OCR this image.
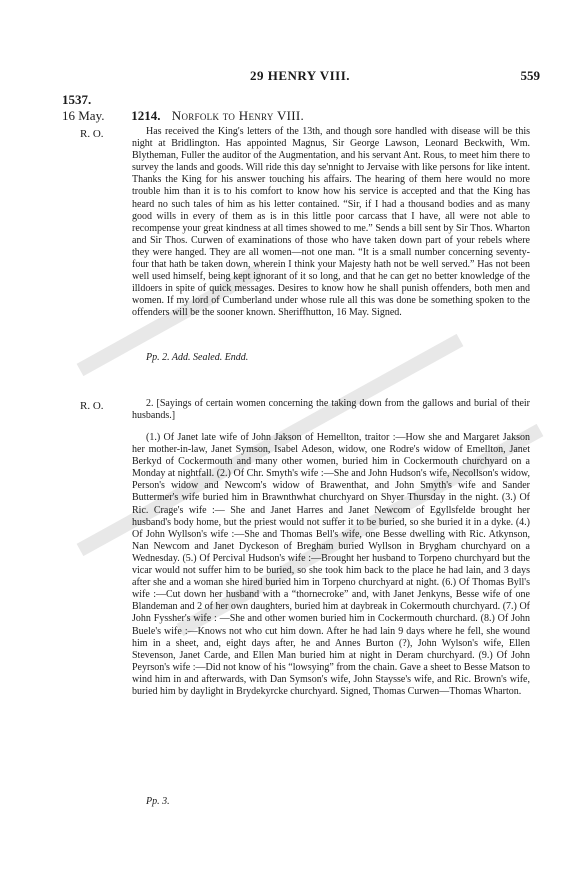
29 HENRY VIII.	559
1537.
16 May. 1214. Norfolk to Henry VIII.
R. O.	Has received the King's letters of the 13th, and though sore handled with disease will be this night at Bridlington. Has appointed Magnus, Sir George Lawson, Leonard Beckwith, Wm. Blytheman, Fuller the auditor of the Augmentation, and his servant Ant. Rous, to meet him there to survey the lands and goods. Will ride this day se'nnight to Jervaise with like persons for like intent. Thanks the King for his answer touching his affairs. The hearing of them here would no more trouble him than it is to his comfort to know how his service is accepted and that the King has heard no such tales of him as his letter contained. “Sir, if I had a thousand bodies and as many good wills in every of them as is in this little poor carcass that I have, all were not able to recompense your great kindness at all times showed to me.” Sends a bill sent by Sir Thos. Wharton and Sir Thos. Curwen of examinations of those who have taken down part of your rebels where they were hanged. They are all women—not one man. “It is a small number concerning seventy-four that hath be taken down, wherein I think your Majesty hath not be well served.” Has not been well used himself, being kept ignorant of it so long, and that he can get no better knowledge of the illdoers in spite of quick messages. Desires to know how he shall punish offenders, both men and women. If my lord of Cumberland under whose rule all this was done be something spoken to the offenders will be the sooner known. Sheriffhutton, 16 May. Signed.

Pp. 2. Add. Sealed. Endd.
R. O.	2. [Sayings of certain women concerning the taking down from the gallows and burial of their husbands.]

(1.) Of Janet late wife of John Jakson of Hemellton, traitor :—How she and Margaret Jakson her mother-in-law, Janet Symson, Isabel Adeson, widow, one Rodre's widow of Emellton, Janet Berkyd of Cockermouth and many other women, buried him in Cockermouth churchyard on a Monday at nightfall. (2.) Of Chr. Smyth's wife :—She and John Hudson's wife, Necollson's widow, Person's widow and Newcom's widow of Brawenthat, and John Smyth's wife and Sander Buttermer's wife buried him in Brawnthwhat churchyard on Shyer Thursday in the night. (3.) Of Ric. Crage's wife :— She and Janet Harres and Janet Newcom of Egyllsfelde brought her husband's body home, but the priest would not suffer it to be buried, so she buried it in a dyke. (4.) Of John Wyllson's wife :—She and Thomas Bell's wife, one Besse dwelling with Ric. Atkynson, Nan Newcom and Janet Dyckeson of Bregham buried Wyllson in Brygham churchyard on a Wednesday. (5.) Of Percival Hudson's wife :—Brought her husband to Torpeno churchyard but the vicar would not suffer him to be buried, so she took him back to the place he had lain, and 3 days after she and a woman she hired buried him in Torpeno churchyard at night. (6.) Of Thomas Byll's wife :—Cut down her husband with a “thornecroke” and, with Janet Jenkyns, Besse wife of one Blandeman and 2 of her own daughters, buried him at daybreak in Cokermouth churchyard. (7.) Of John Fyssher's wife : —She and other women buried him in Cockermouth churchard. (8.) Of John Buele's wife :—Knows not who cut him down. After he had lain 9 days where he fell, she wound him in a sheet, and, eight days after, he and Annes Burton (?), John Wylson's wife, Ellen Stevenson, Janet Carde, and Ellen Man buried him at night in Deram churchyard. (9.) Of John Peyrson's wife :—Did not know of his “lowsying” from the chain. Gave a sheet to Besse Matson to wind him in and afterwards, with Dan Symson's wife, John Staysse's wife, and Ric. Brown's wife, buried him by daylight in Brydekyrcke churchyard. Signed, Thomas Curwen—Thomas Wharton.

Pp. 3.
